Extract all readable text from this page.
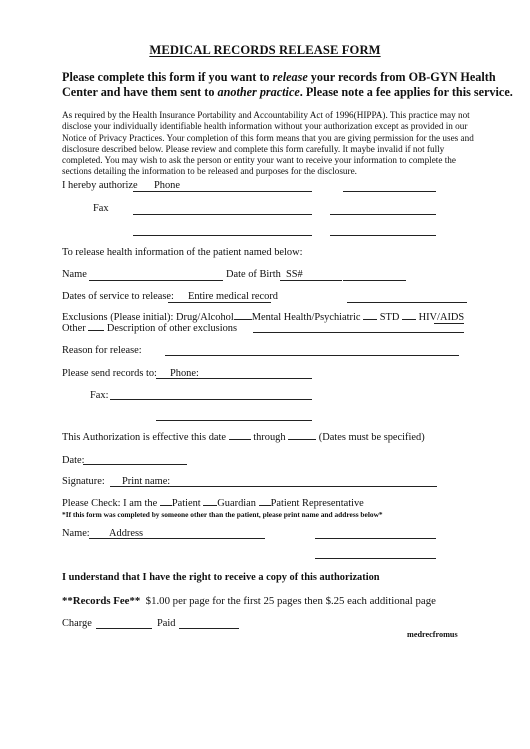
MEDICAL RECORDS RELEASE FORM
Please complete this form if you want to release your records from OB-GYN Health
Center and have them sent to another practice. Please note a fee applies for this service.
As required by the Health Insurance Portability and Accountability Act of 1996(HIPPA). This practice may not disclose your individually identifiable health information without your authorization except as provided in our Notice of Privacy Practices. Your completion of this form means that you are giving permission for the uses and disclosure described below. Please review and complete this form carefully. It maybe invalid if not fully completed. You may wish to ask the person or entity your want to receive your information to complete the sections detailing the information to be released and purposes for the disclosure.
I hereby authorize Phone
Fax
To release health information of the patient named below:
Name	Date of Birth SS#
Dates of service to release: Entire medical record
Exclusions (Please initial): Drug/Alcohol Mental Health/Psychiatric STD HIV/AIDS
Other Description of other exclusions
Reason for release:
Please send records to: Phone:
Fax:
This Authorization is effective this date	through	(Dates must be specified)
Date:
Signature: Print name:
Please Check: I am the Patient Guardian Patient Representative
*If this form was completed by someone other than the patient, please print name and address below*
Name: Address
I understand that I have the right to receive a copy of this authorization
**Records Fee** $1.00 per page for the first 25 pages then $.25 each additional page
Charge	Paid
medrecfromus
